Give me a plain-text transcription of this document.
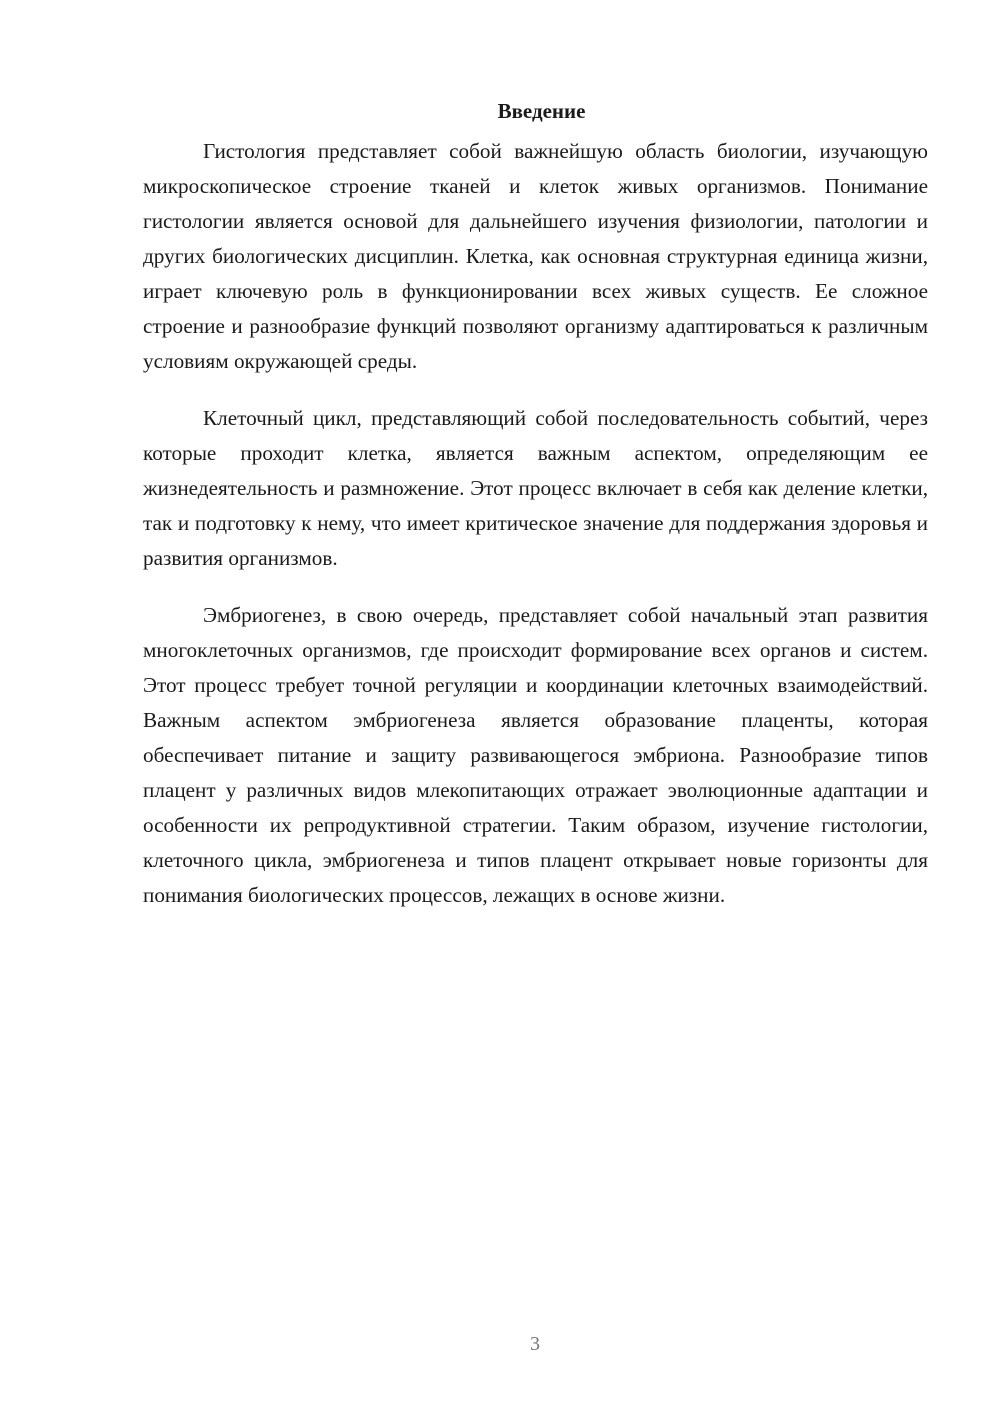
Введение

Гистология представляет собой важнейшую область биологии, изучающую микроскопическое строение тканей и клеток живых организмов. Понимание гистологии является основой для дальнейшего изучения физиологии, патологии и других биологических дисциплин. Клетка, как основная структурная единица жизни, играет ключевую роль в функционировании всех живых существ. Ее сложное строение и разнообразие функций позволяют организму адаптироваться к различным условиям окружающей среды.

Клеточный цикл, представляющий собой последовательность событий, через которые проходит клетка, является важным аспектом, определяющим ее жизнедеятельность и размножение. Этот процесс включает в себя как деление клетки, так и подготовку к нему, что имеет критическое значение для поддержания здоровья и развития организмов.

Эмбриогенез, в свою очередь, представляет собой начальный этап развития многоклеточных организмов, где происходит формирование всех органов и систем. Этот процесс требует точной регуляции и координации клеточных взаимодействий. Важным аспектом эмбриогенеза является образование плаценты, которая обеспечивает питание и защиту развивающегося эмбриона. Разнообразие типов плацент у различных видов млекопитающих отражает эволюционные адаптации и особенности их репродуктивной стратегии. Таким образом, изучение гистологии, клеточного цикла, эмбриогенеза и типов плацент открывает новые горизонты для понимания биологических процессов, лежащих в основе жизни.

3
